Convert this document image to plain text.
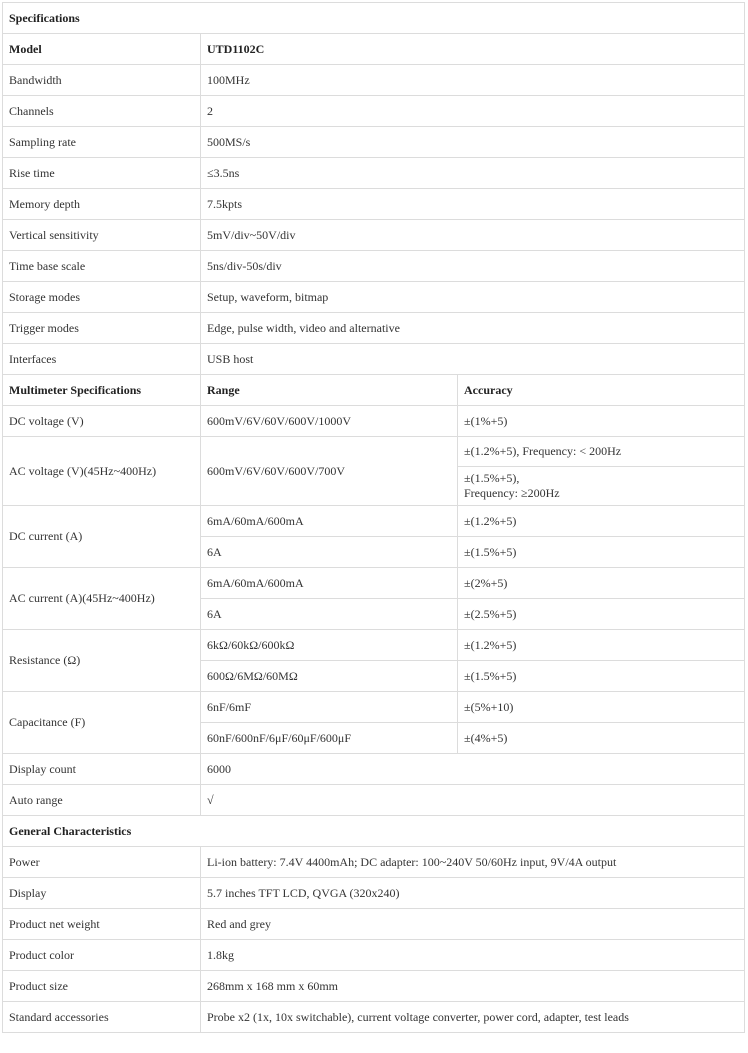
Specifications		
Model	UTD1102C	
Bandwidth	100MHz	
Channels	2	
Sampling rate	500MS/s	
Rise time	≤3.5ns	
Memory depth	7.5kpts	
Vertical sensitivity	5mV/div~50V/div	
Time base scale	5ns/div-50s/div	
Storage modes	Setup, waveform, bitmap	
Trigger modes	Edge, pulse width, video and alternative	
Interfaces	USB host	
Multimeter Specifications	Range	Accuracy
DC voltage (V)	600mV/6V/60V/600V/1000V	±(1%+5)
AC voltage (V)(45Hz~400Hz)	600mV/6V/60V/600V/700V	±(1.2%+5), Frequency: < 200Hz

		±(1.5%+5),
Frequency: ≥200Hz

DC current (A)	6mA/60mA/600mA	±(1.2%+5)
	6A	±(1.5%+5)
AC current (A)(45Hz~400Hz)	6mA/60mA/600mA	±(2%+5)
	6A	±(2.5%+5)
Resistance (Ω)	6kΩ/60kΩ/600kΩ	±(1.2%+5)
	600Ω/6MΩ/60MΩ	±(1.5%+5)
Capacitance (F)	6nF/6mF	±(5%+10)
	60nF/600nF/6μF/60μF/600μF	±(4%+5)
Display count	6000	
Auto range	√	
General Characteristics		
Power	Li-ion battery: 7.4V 4400mAh; DC adapter: 100~240V 50/60Hz input, 9V/4A output	
Display	5.7 inches TFT LCD, QVGA (320x240)	
Product net weight	Red and grey	
Product color	1.8kg	
Product size	268mm x 168 mm x 60mm	
Standard accessories	Probe x2 (1x, 10x switchable), current voltage converter, power cord, adapter, test leads	
